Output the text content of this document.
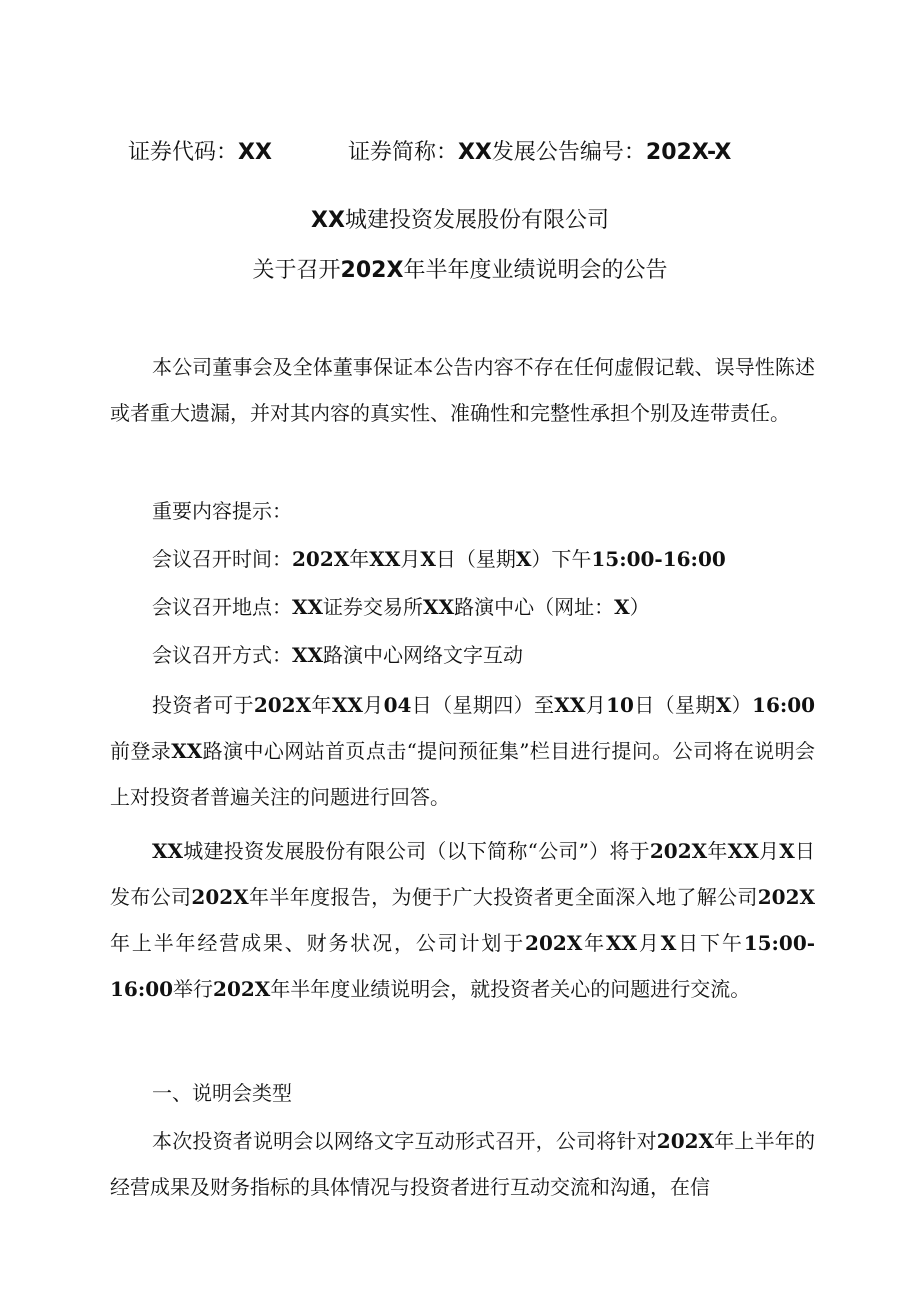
证券代码：XX	证券简称：XX发展公告编号：202X-X
XX城建投资发展股份有限公司
关于召开202X年半年度业绩说明会的公告
本公司董事会及全体董事保证本公告内容不存在任何虚假记载、误导性陈述或者重大遗漏，并对其内容的真实性、准确性和完整性承担个别及连带责任。
重要内容提示：
会议召开时间：202X年XX月X日（星期X）下午15:00-16:00
会议召开地点：XX证券交易所XX路演中心（网址：X）
会议召开方式：XX路演中心网络文字互动
投资者可于202X年XX月04日（星期四）至XX月10日（星期X）16:00前登录XX路演中心网站首页点击“提问预征集”栏目进行提问。公司将在说明会上对投资者普遍关注的问题进行回答。
XX城建投资发展股份有限公司（以下简称“公司”）将于202X年XX月X日发布公司202X年半年度报告，为便于广大投资者更全面深入地了解公司202X年上半年经营成果、财务状况，公司计划于202X年XX月X日下午15:00-16:00举行202X年半年度业绩说明会，就投资者关心的问题进行交流。
一、说明会类型
本次投资者说明会以网络文字互动形式召开，公司将针对202X年上半年的经营成果及财务指标的具体情况与投资者进行互动交流和沟通，在信
